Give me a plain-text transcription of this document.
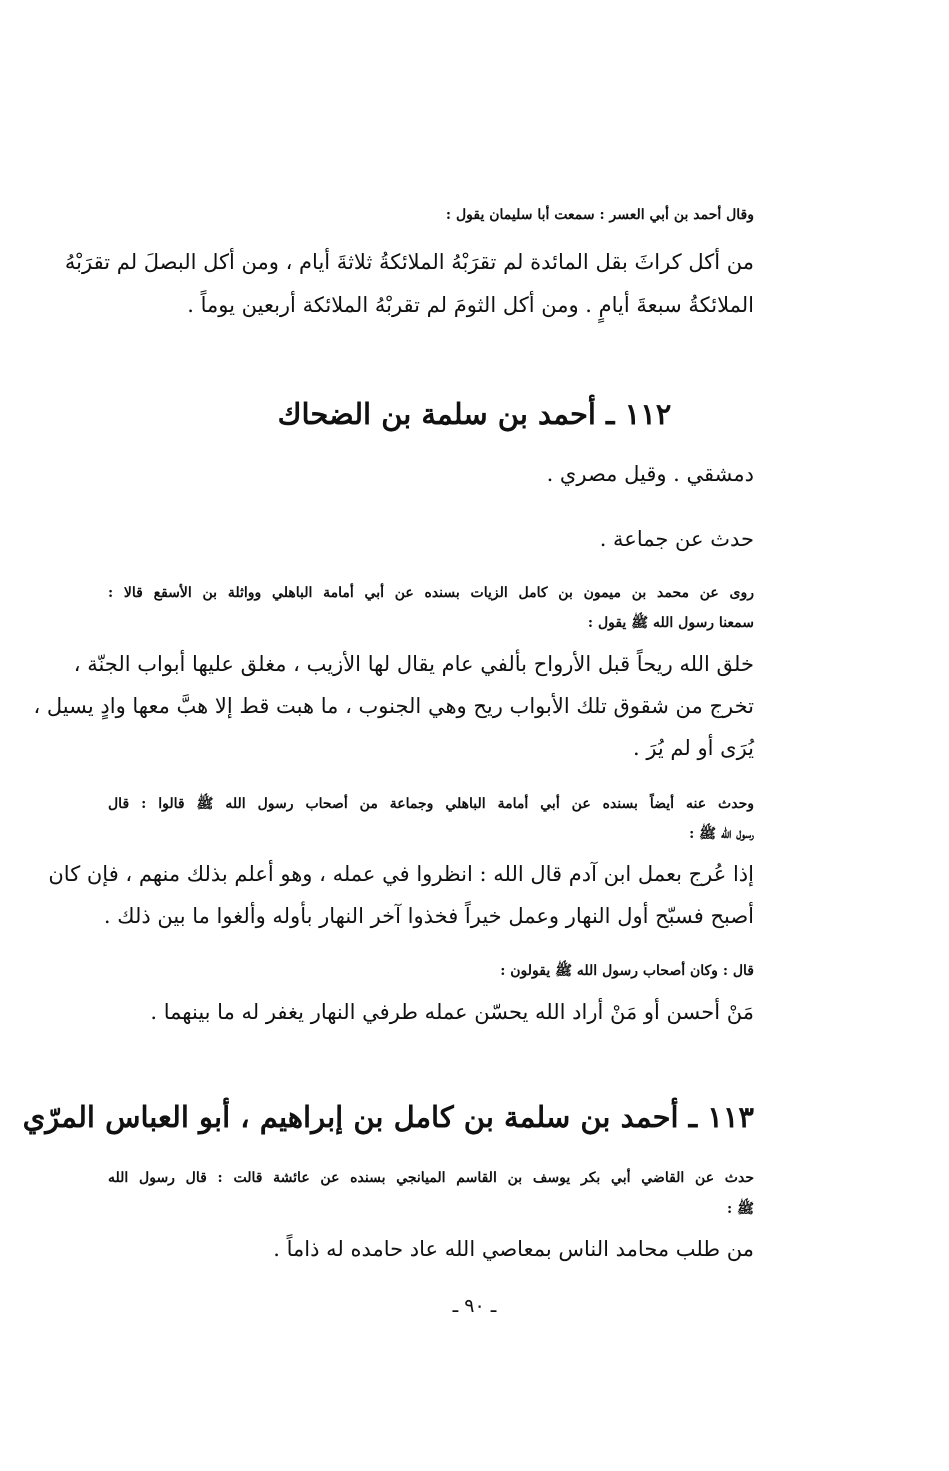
وقال أحمد بن أبي العسر : سمعت أبا سليمان يقول :
من أكل كراثَ بقل المائدة لم تقرَبْهُ الملائكةُ ثلاثةَ أيام ، ومن أكل البصلَ لم تقرَبْهُ
الملائكةُ سبعةَ أيامٍ . ومن أكل الثومَ لم تقربْهُ الملائكة أربعين يوماً .
١١٢ ـ أحمد بن سلمة بن الضحاك
دمشقي . وقيل مصري .
حدث عن جماعة .
روى عن محمد بن ميمون بن كامل الزيات بسنده عن أبي أمامة الباهلي وواثلة بن الأسقع قالا :
سمعنا رسول الله ﷺ يقول :
خلق الله ريحاً قبل الأرواح بألفي عام يقال لها الأزيب ، مغلق عليها أبواب الجنّة ،
تخرج من شقوق تلك الأبواب ريح وهي الجنوب ، ما هبت قط إلا هبَّ معها وادٍ يسيل ،
يُرَى أو لم يُرَ .
وحدث عنه أيضاً بسنده عن أبي أمامة الباهلي وجماعة من أصحاب رسول الله ﷺ قالوا : قال
رسول الله ﷺ :
إذا عُرج بعمل ابن آدم قال الله : انظروا في عمله ، وهو أعلم بذلك منهم ، فإن كان
أصبح فسبّح أول النهار وعمل خيراً فخذوا آخر النهار بأوله وألغوا ما بين ذلك .
قال : وكان أصحاب رسول الله ﷺ يقولون :
مَنْ أحسن أو مَنْ أراد الله يحسّن عمله طرفي النهار يغفر له ما بينهما .
١١٣ ـ أحمد بن سلمة بن كامل بن إبراهيم ، أبو العباس المرّي
حدث عن القاضي أبي بكر يوسف بن القاسم الميانجي بسنده عن عائشة قالت : قال رسول الله
ﷺ :
من طلب محامد الناس بمعاصي الله عاد حامده له ذاماً .
ـ ٩٠ ـ
